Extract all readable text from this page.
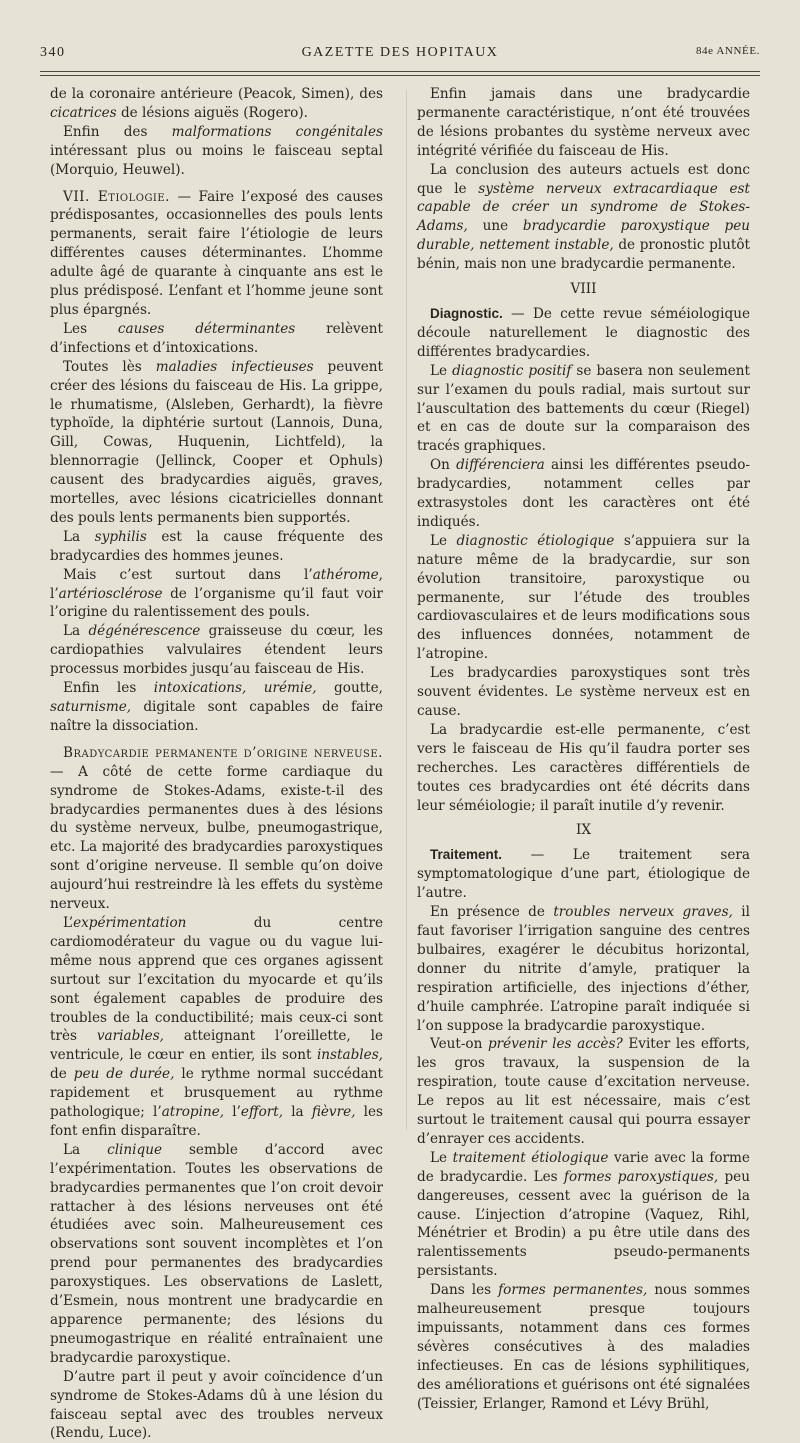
340	GAZETTE DES HOPITAUX	84e ANNÉE.

de la coronaire antérieure (Peacok, Simen), des cicatrices de lésions aiguës (Rogero).

Enfin des malformations congénitales intéressant plus ou moins le faisceau septal (Morquio, Heuwel).

VII. Etiologie. — Faire l’exposé des causes prédisposantes, occasionnelles des pouls lents permanents, serait faire l’étiologie de leurs différentes causes déterminantes. L’homme adulte âgé de quarante à cinquante ans est le plus prédisposé. L’enfant et l’homme jeune sont plus épargnés.

Les causes déterminantes relèvent d’infections et d’intoxications.

Toutes lès maladies infectieuses peuvent créer des lésions du faisceau de His. La grippe, le rhumatisme, (Alsleben, Gerhardt), la fièvre typhoïde, la diphtérie surtout (Lannois, Duna, Gill, Cowas, Huquenin, Lichtfeld), la blennorragie (Jellinck, Cooper et Ophuls) causent des bradycardies aiguës, graves, mortelles, avec lésions cicatricielles donnant des pouls lents permanents bien supportés.

La syphilis est la cause fréquente des bradycardies des hommes jeunes.

Mais c’est surtout dans l’athérome, l’artériosclérose de l’organisme qu’il faut voir l’origine du ralentissement des pouls.

La dégénérescence graisseuse du cœur, les cardiopathies valvulaires étendent leurs processus morbides jusqu’au faisceau de His.

Enfin les intoxications, urémie, goutte, saturnisme, digitale sont capables de faire naître la dissociation.

Bradycardie permanente d’origine nerveuse. — A côté de cette forme cardiaque du syndrome de Stokes-Adams, existe-t-il des bradycardies permanentes dues à des lésions du système nerveux, bulbe, pneumogastrique, etc. La majorité des bradycardies paroxystiques sont d’origine nerveuse. Il semble qu’on doive aujourd’hui restreindre là les effets du système nerveux.

L’expérimentation du centre cardiomodérateur du vague ou du vague lui-même nous apprend que ces organes agissent surtout sur l’excitation du myocarde et qu’ils sont également capables de produire des troubles de la conductibilité; mais ceux-ci sont très variables, atteignant l’oreillette, le ventricule, le cœur en entier, ils sont instables, de peu de durée, le rythme normal succédant rapidement et brusquement au rythme pathologique; l’atropine, l’effort, la fièvre, les font enfin disparaître.

La clinique semble d’accord avec l’expérimentation. Toutes les observations de bradycardies permanentes que l’on croit devoir rattacher à des lésions nerveuses ont été étudiées avec soin. Malheureusement ces observations sont souvent incomplètes et l’on prend pour permanentes des bradycardies paroxystiques. Les observations de Laslett, d’Esmein, nous montrent une bradycardie en apparence permanente; des lésions du pneumogastrique en réalité entraînaient une bradycardie paroxystique.

D’autre part il peut y avoir coïncidence d’un syndrome de Stokes-Adams dû à une lésion du faisceau septal avec des troubles nerveux (Rendu, Luce).

Enfin jamais dans une bradycardie permanente caractéristique, n’ont été trouvées de lésions probantes du système nerveux avec intégrité vérifiée du faisceau de His.

La conclusion des auteurs actuels est donc que le système nerveux extracardiaque est capable de créer un syndrome de Stokes-Adams, une bradycardie paroxystique peu durable, nettement instable, de pronostic plutôt bénin, mais non une bradycardie permanente.

VIII

Diagnostic. — De cette revue séméiologique découle naturellement le diagnostic des différentes bradycardies.

Le diagnostic positif se basera non seulement sur l’examen du pouls radial, mais surtout sur l’auscultation des battements du cœur (Riegel) et en cas de doute sur la comparaison des tracés graphiques.

On différenciera ainsi les différentes pseudo-bradycardies, notamment celles par extrasystoles dont les caractères ont été indiqués.

Le diagnostic étiologique s’appuiera sur la nature même de la bradycardie, sur son évolution transitoire, paroxystique ou permanente, sur l’étude des troubles cardiovasculaires et de leurs modifications sous des influences données, notamment de l’atropine.

Les bradycardies paroxystiques sont très souvent évidentes. Le système nerveux est en cause.

La bradycardie est-elle permanente, c’est vers le faisceau de His qu’il faudra porter ses recherches. Les caractères différentiels de toutes ces bradycardies ont été décrits dans leur séméiologie; il paraît inutile d’y revenir.

IX

Traitement. — Le traitement sera symptomatologique d’une part, étiologique de l’autre.

En présence de troubles nerveux graves, il faut favoriser l’irrigation sanguine des centres bulbaires, exagérer le décubitus horizontal, donner du nitrite d’amyle, pratiquer la respiration artificielle, des injections d’éther, d’huile camphrée. L’atropine paraît indiquée si l’on suppose la bradycardie paroxystique.

Veut-on prévenir les accès? Eviter les efforts, les gros travaux, la suspension de la respiration, toute cause d’excitation nerveuse. Le repos au lit est nécessaire, mais c’est surtout le traitement causal qui pourra essayer d’enrayer ces accidents.

Le traitement étiologique varie avec la forme de bradycardie. Les formes paroxystiques, peu dangereuses, cessent avec la guérison de la cause. L’injection d’atropine (Vaquez, Rihl, Ménétrier et Brodin) a pu être utile dans des ralentissements pseudo-permanents persistants.

Dans les formes permanentes, nous sommes malheureusement presque toujours impuissants, notamment dans ces formes sévères consécutives à des maladies infectieuses. En cas de lésions syphilitiques, des améliorations et guérisons ont été signalées (Teissier, Erlanger, Ramond et Lévy Brühl,
